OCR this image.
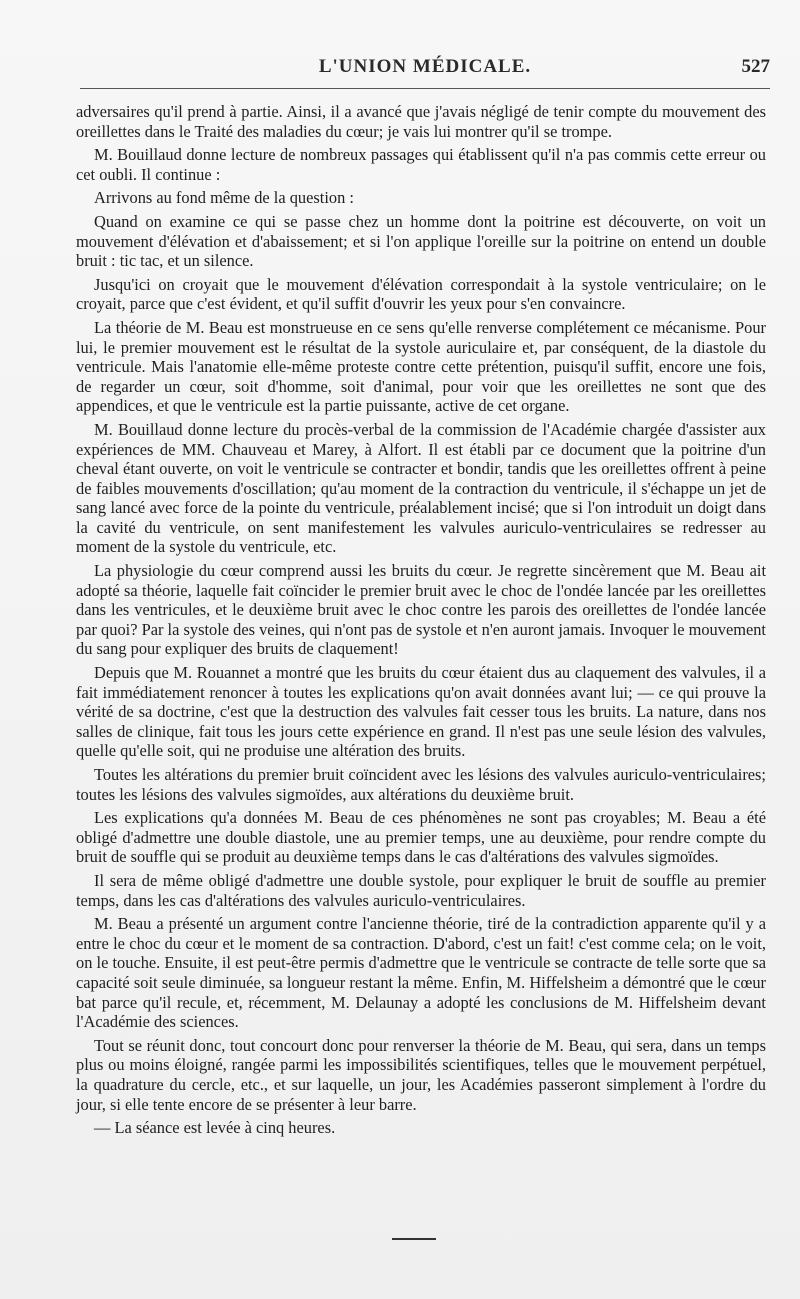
L'UNION MÉDICALE.	527

adversaires qu'il prend à partie. Ainsi, il a avancé que j'avais négligé de tenir compte du mouvement des oreillettes dans le Traité des maladies du cœur; je vais lui montrer qu'il se trompe.

M. Bouillaud donne lecture de nombreux passages qui établissent qu'il n'a pas commis cette erreur ou cet oubli. Il continue :

Arrivons au fond même de la question :

Quand on examine ce qui se passe chez un homme dont la poitrine est découverte, on voit un mouvement d'élévation et d'abaissement; et si l'on applique l'oreille sur la poitrine on entend un double bruit : tic tac, et un silence.

Jusqu'ici on croyait que le mouvement d'élévation correspondait à la systole ventriculaire; on le croyait, parce que c'est évident, et qu'il suffit d'ouvrir les yeux pour s'en convaincre.

La théorie de M. Beau est monstrueuse en ce sens qu'elle renverse complétement ce mécanisme. Pour lui, le premier mouvement est le résultat de la systole auriculaire et, par conséquent, de la diastole du ventricule. Mais l'anatomie elle-même proteste contre cette prétention, puisqu'il suffit, encore une fois, de regarder un cœur, soit d'homme, soit d'animal, pour voir que les oreillettes ne sont que des appendices, et que le ventricule est la partie puissante, active de cet organe.

M. Bouillaud donne lecture du procès-verbal de la commission de l'Académie chargée d'assister aux expériences de MM. Chauveau et Marey, à Alfort. Il est établi par ce document que la poitrine d'un cheval étant ouverte, on voit le ventricule se contracter et bondir, tandis que les oreillettes offrent à peine de faibles mouvements d'oscillation; qu'au moment de la contraction du ventricule, il s'échappe un jet de sang lancé avec force de la pointe du ventricule, préalablement incisé; que si l'on introduit un doigt dans la cavité du ventricule, on sent manifestement les valvules auriculo-ventriculaires se redresser au moment de la systole du ventricule, etc.

La physiologie du cœur comprend aussi les bruits du cœur. Je regrette sincèrement que M. Beau ait adopté sa théorie, laquelle fait coïncider le premier bruit avec le choc de l'ondée lancée par les oreillettes dans les ventricules, et le deuxième bruit avec le choc contre les parois des oreillettes de l'ondée lancée par quoi? Par la systole des veines, qui n'ont pas de systole et n'en auront jamais. Invoquer le mouvement du sang pour expliquer des bruits de claquement!

Depuis que M. Rouannet a montré que les bruits du cœur étaient dus au claquement des valvules, il a fait immédiatement renoncer à toutes les explications qu'on avait données avant lui; — ce qui prouve la vérité de sa doctrine, c'est que la destruction des valvules fait cesser tous les bruits. La nature, dans nos salles de clinique, fait tous les jours cette expérience en grand. Il n'est pas une seule lésion des valvules, quelle qu'elle soit, qui ne produise une altération des bruits.

Toutes les altérations du premier bruit coïncident avec les lésions des valvules auriculo-ventriculaires; toutes les lésions des valvules sigmoïdes, aux altérations du deuxième bruit.

Les explications qu'a données M. Beau de ces phénomènes ne sont pas croyables; M. Beau a été obligé d'admettre une double diastole, une au premier temps, une au deuxième, pour rendre compte du bruit de souffle qui se produit au deuxième temps dans le cas d'altérations des valvules sigmoïdes.

Il sera de même obligé d'admettre une double systole, pour expliquer le bruit de souffle au premier temps, dans les cas d'altérations des valvules auriculo-ventriculaires.

M. Beau a présenté un argument contre l'ancienne théorie, tiré de la contradiction apparente qu'il y a entre le choc du cœur et le moment de sa contraction. D'abord, c'est un fait! c'est comme cela; on le voit, on le touche. Ensuite, il est peut-être permis d'admettre que le ventricule se contracte de telle sorte que sa capacité soit seule diminuée, sa longueur restant la même. Enfin, M. Hiffelsheim a démontré que le cœur bat parce qu'il recule, et, récemment, M. Delaunay a adopté les conclusions de M. Hiffelsheim devant l'Académie des sciences.

Tout se réunit donc, tout concourt donc pour renverser la théorie de M. Beau, qui sera, dans un temps plus ou moins éloigné, rangée parmi les impossibilités scientifiques, telles que le mouvement perpétuel, la quadrature du cercle, etc., et sur laquelle, un jour, les Académies passeront simplement à l'ordre du jour, si elle tente encore de se présenter à leur barre.

— La séance est levée à cinq heures.
